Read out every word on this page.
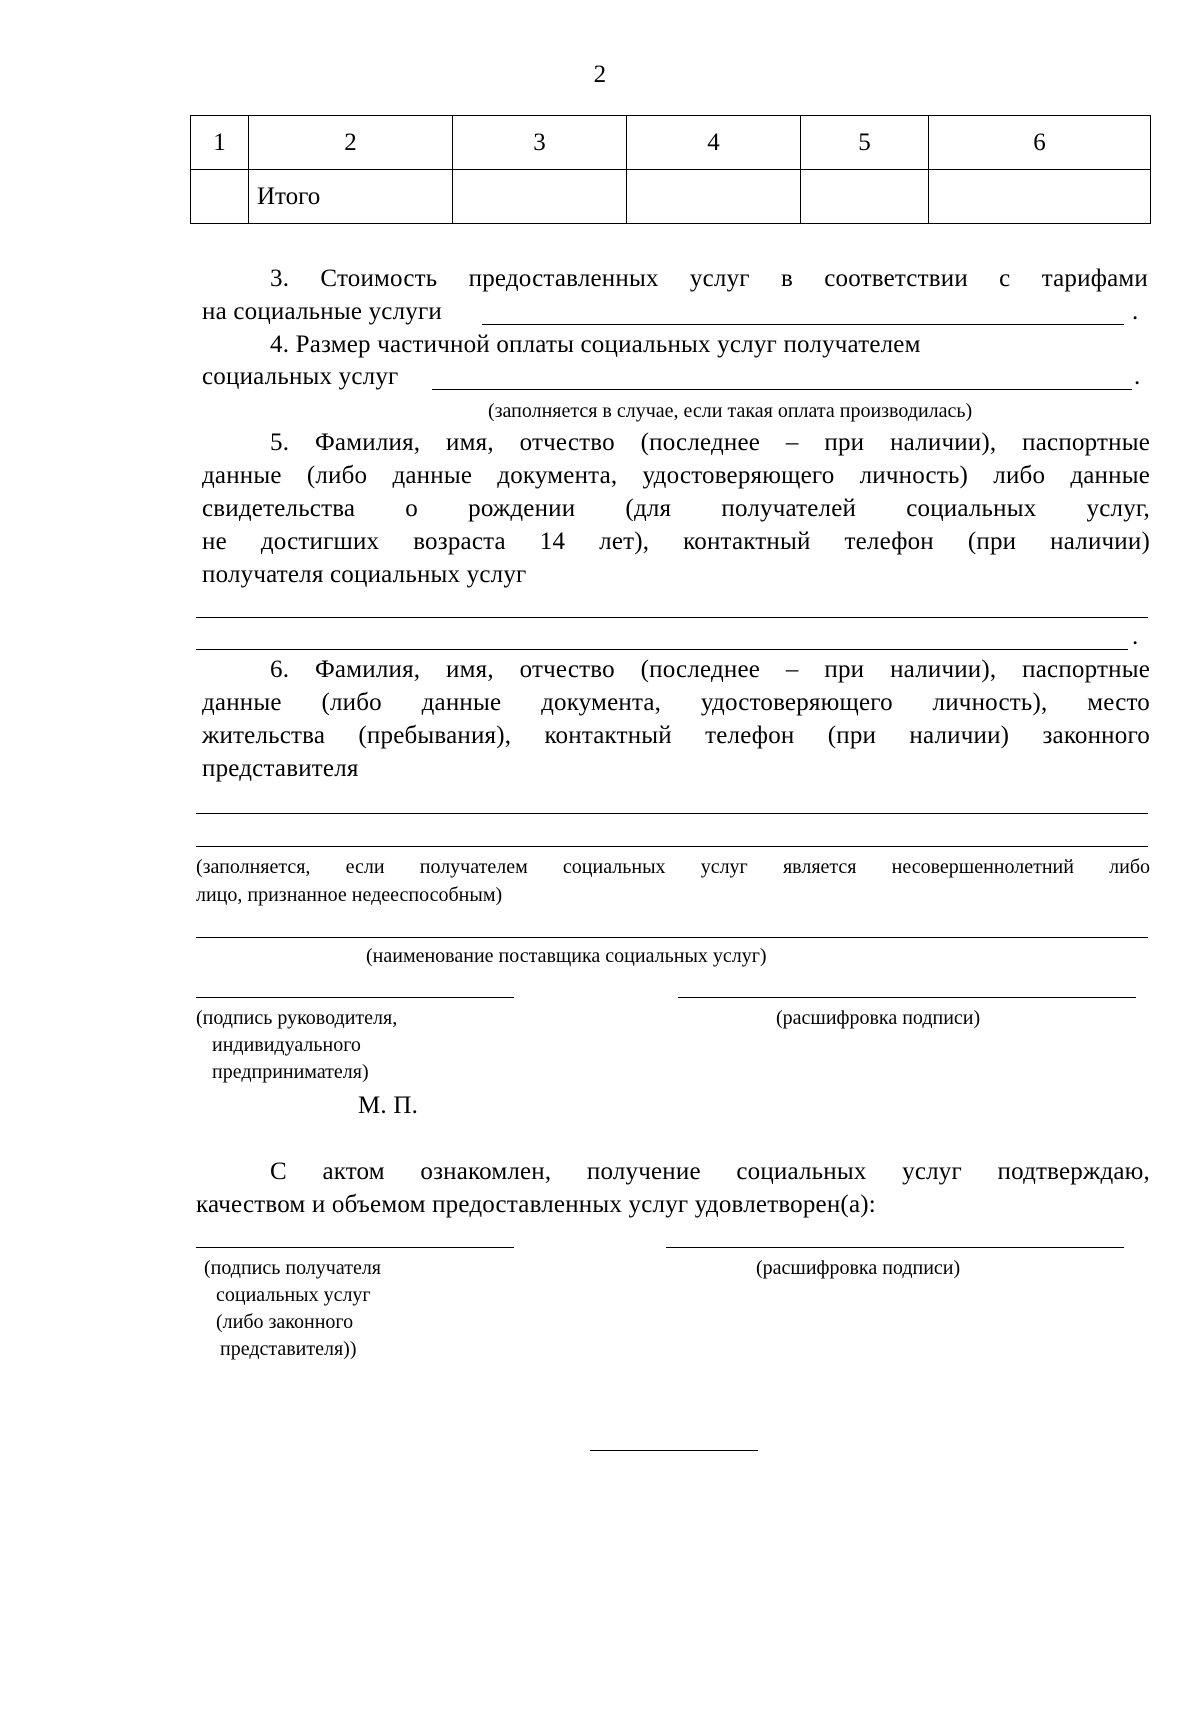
2
1	2	3	4	5	6
	Итого				
3. Стоимость предоставленных услуг в соответствии с тарифами
на социальные услуги	.
4. Размер частичной оплаты социальных услуг получателем
социальных услуг	.
(заполняется в случае, если такая оплата производилась)
5. Фамилия, имя, отчество (последнее – при наличии), паспортные
данные (либо данные документа, удостоверяющего личность) либо данные
свидетельства о рождении (для получателей социальных услуг,
не достигших возраста 14 лет), контактный телефон (при наличии)
получателя социальных услуг
.
6. Фамилия, имя, отчество (последнее – при наличии), паспортные
данные (либо данные документа, удостоверяющего личность), место
жительства (пребывания), контактный телефон (при наличии) законного
представителя
(заполняется, если получателем социальных услуг является несовершеннолетний либо
лицо, признанное недееспособным)
(наименование поставщика социальных услуг)
(подпись руководителя,
индивидуального
предпринимателя)
(расшифровка подписи)
М. П.
С актом ознакомлен, получение социальных услуг подтверждаю,
качеством и объемом предоставленных услуг удовлетворен(а):
(подпись получателя
социальных услуг
(либо законного
представителя))
(расшифровка подписи)
